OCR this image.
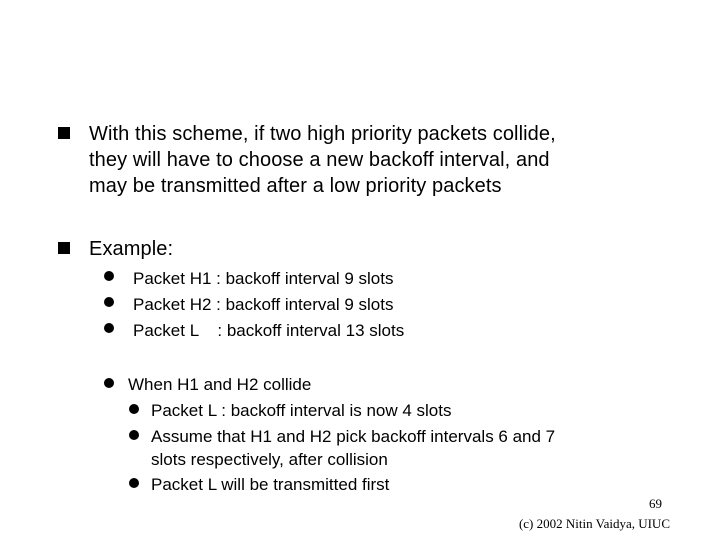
With this scheme, if two high priority packets collide,
they will have to choose a new backoff interval, and
may be transmitted after a low priority packets
Example:
Packet H1 : backoff interval 9 slots
Packet H2 : backoff interval 9 slots
Packet L    : backoff interval 13 slots
When H1 and H2 collide
Packet L : backoff interval is now 4 slots
Assume that H1 and H2 pick backoff intervals 6 and 7
slots respectively, after collision
Packet L will be transmitted first
69
(c) 2002 Nitin Vaidya, UIUC
